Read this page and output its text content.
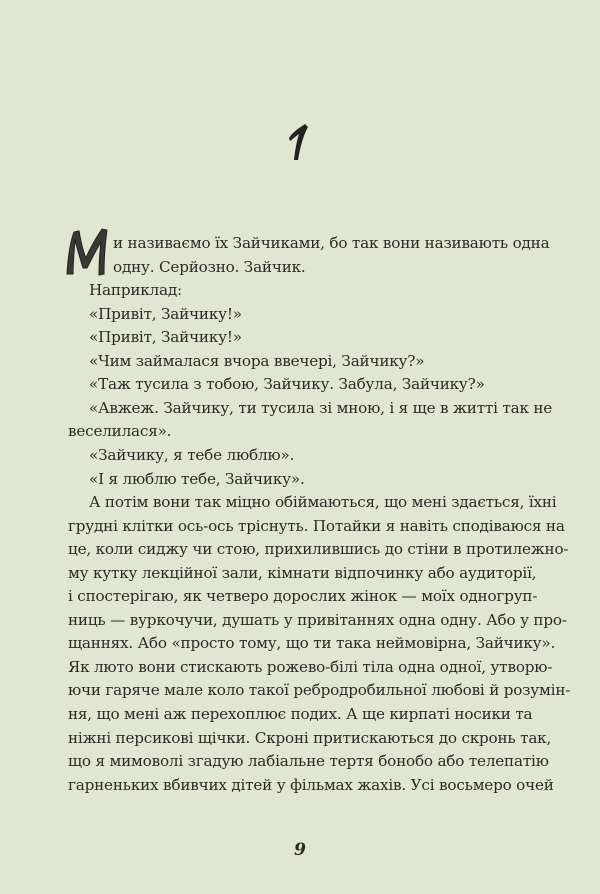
и називаємо їх Зайчиками, бо так вони називають одна
одну. Серйозно. Зайчик.
Наприклад:
«Привіт, Зайчику!»
«Привіт, Зайчику!»
«Чим займалася вчора ввечері, Зайчику?»
«Таж тусила з тобою, Зайчику. Забула, Зайчику?»
«Авжеж. Зайчику, ти тусила зі мною, і я ще в житті так не
веселилася».
«Зайчику, я тебе люблю».
«І я люблю тебе, Зайчику».
А потім вони так міцно обіймаються, що мені здається, їхні
грудні клітки ось-ось тріснуть. Потайки я навіть сподіваюся на
це, коли сиджу чи стою, прихилившись до стіни в протилежно-
му кутку лекційної зали, кімнати відпочинку або аудиторії,
і спостерігаю, як четверо дорослих жінок — моїх одногруп-
ниць — вуркочучи, душать у привітаннях одна одну. Або у про-
щаннях. Або «просто тому, що ти така неймовірна, Зайчику».
Як люто вони стискають рожево-білі тіла одна одної, утворю-
ючи гаряче мале коло такої ребродробильної любові й розумін-
ня, що мені аж перехоплює подих. А ще кирпаті носики та
ніжні персикові щічки. Скроні притискаються до скронь так,
що я мимоволі згадую лабіальне тертя бонобо або телепатію
гарненьких вбивчих дітей у фільмах жахів. Усі восьмеро очей
9
